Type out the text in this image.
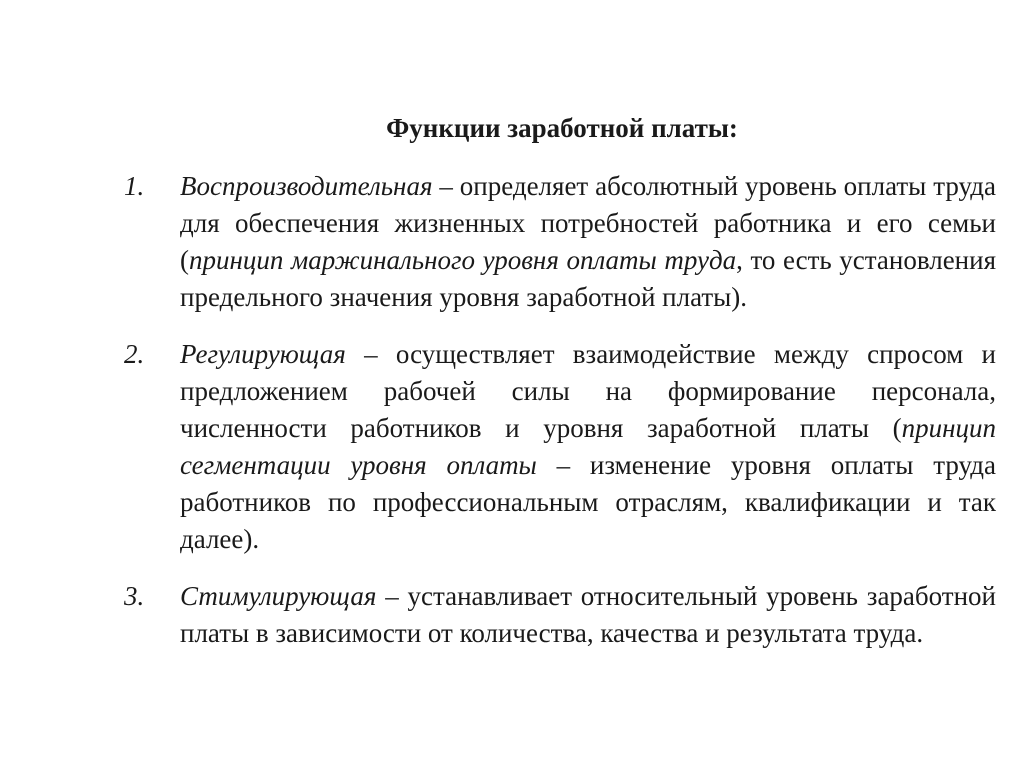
Функции заработной платы:
1. Воспроизводительная – определяет абсолютный уровень оплаты труда для обеспечения жизненных потребностей работника и его семьи (принцип маржинального уровня оплаты труда, то есть установления предельного значения уровня заработной платы).
2. Регулирующая – осуществляет взаимодействие между спросом и предложением рабочей силы на формирование персонала, численности работников и уровня заработной платы (принцип сегментации уровня оплаты – изменение уровня оплаты труда работников по профессиональным отраслям, квалификации и так далее).
3. Стимулирующая – устанавливает относительный уровень заработной платы в зависимости от количества, качества и результата труда.
